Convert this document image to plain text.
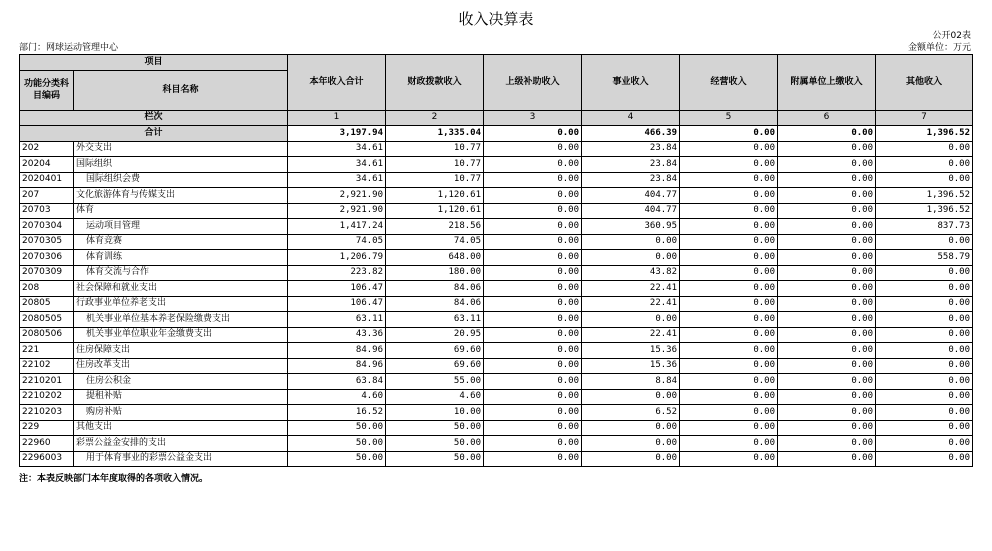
收入决算表
公开02表
部门：网球运动管理中心	金额单位：万元
项目		本年收入合计	财政拨款收入	上级补助收入	事业收入	经营收入	附属单位上缴收入	其他收入
功能分类科目编码	科目名称							

栏次		1	2	3	4	5	6	7
合计		3,197.94	1,335.04	0.00	466.39	0.00	0.00	1,396.52
202	外交支出	34.61	10.77	0.00	23.84	0.00	0.00	0.00
20204	国际组织	34.61	10.77	0.00	23.84	0.00	0.00	0.00
2020401	国际组织会费	34.61	10.77	0.00	23.84	0.00	0.00	0.00
207	文化旅游体育与传媒支出	2,921.90	1,120.61	0.00	404.77	0.00	0.00	1,396.52
20703	体育	2,921.90	1,120.61	0.00	404.77	0.00	0.00	1,396.52
2070304	运动项目管理	1,417.24	218.56	0.00	360.95	0.00	0.00	837.73
2070305	体育竞赛	74.05	74.05	0.00	0.00	0.00	0.00	0.00
2070306	体育训练	1,206.79	648.00	0.00	0.00	0.00	0.00	558.79
2070309	体育交流与合作	223.82	180.00	0.00	43.82	0.00	0.00	0.00
208	社会保障和就业支出	106.47	84.06	0.00	22.41	0.00	0.00	0.00
20805	行政事业单位养老支出	106.47	84.06	0.00	22.41	0.00	0.00	0.00
2080505	机关事业单位基本养老保险缴费支出	63.11	63.11	0.00	0.00	0.00	0.00	0.00
2080506	机关事业单位职业年金缴费支出	43.36	20.95	0.00	22.41	0.00	0.00	0.00
221	住房保障支出	84.96	69.60	0.00	15.36	0.00	0.00	0.00
22102	住房改革支出	84.96	69.60	0.00	15.36	0.00	0.00	0.00
2210201	住房公积金	63.84	55.00	0.00	8.84	0.00	0.00	0.00
2210202	提租补贴	4.60	4.60	0.00	0.00	0.00	0.00	0.00
2210203	购房补贴	16.52	10.00	0.00	6.52	0.00	0.00	0.00
229	其他支出	50.00	50.00	0.00	0.00	0.00	0.00	0.00
22960	彩票公益金安排的支出	50.00	50.00	0.00	0.00	0.00	0.00	0.00
2296003	用于体育事业的彩票公益金支出	50.00	50.00	0.00	0.00	0.00	0.00	0.00
注：本表反映部门本年度取得的各项收入情况。
